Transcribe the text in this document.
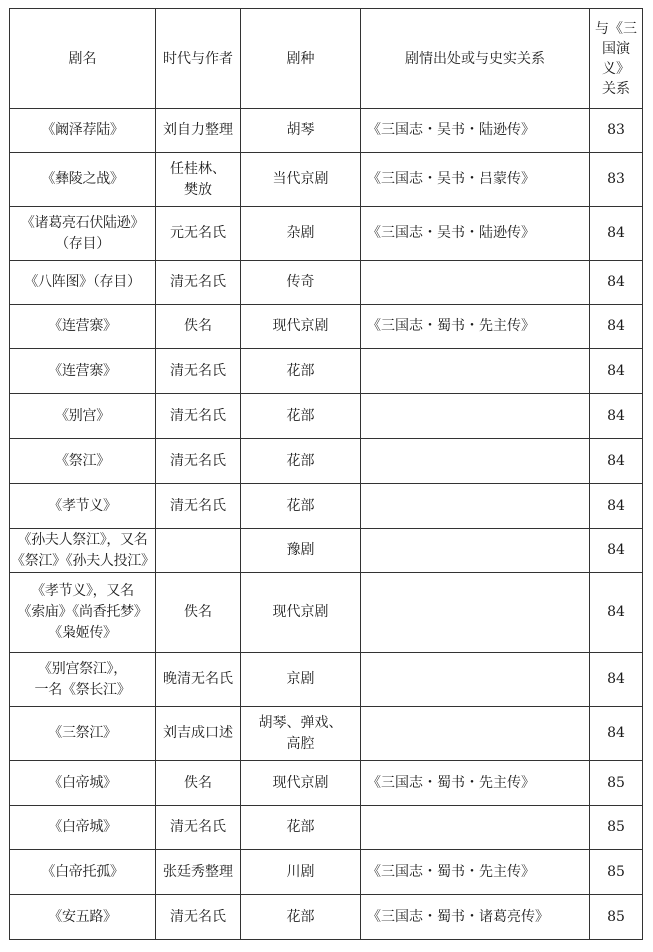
剧名	时代与作者	剧种	剧情出处或与史实关系	与《三
国演
义》
关系

《阚泽荐陆》	刘自力整理	胡琴	《三国志・吴书・陆逊传》	83

《彝陵之战》	任桂林、
樊放	当代京剧	《三国志・吴书・吕蒙传》	83

《诸葛亮石伏陆逊》
（存目）	元无名氏	杂剧	《三国志・吴书・陆逊传》	84

《八阵图》（存目）	清无名氏	传奇		84

《连营寨》	佚名	现代京剧	《三国志・蜀书・先主传》	84

《连营寨》	清无名氏	花部		84

《别宫》	清无名氏	花部		84

《祭江》	清无名氏	花部		84

《孝节义》	清无名氏	花部		84

《孙夫人祭江》，又名
《祭江》《孙夫人投江》		豫剧		84

《孝节义》，又名
《索庙》《尚香托梦》
《枭姬传》	佚名	现代京剧		84

《别宫祭江》，
一名《祭长江》	晚清无名氏	京剧		84

《三祭江》	刘吉成口述	胡琴、弹戏、
高腔		84

《白帝城》	佚名	现代京剧	《三国志・蜀书・先主传》	85

《白帝城》	清无名氏	花部		85

《白帝托孤》	张廷秀整理	川剧	《三国志・蜀书・先主传》	85

《安五路》	清无名氏	花部	《三国志・蜀书・诸葛亮传》	85
